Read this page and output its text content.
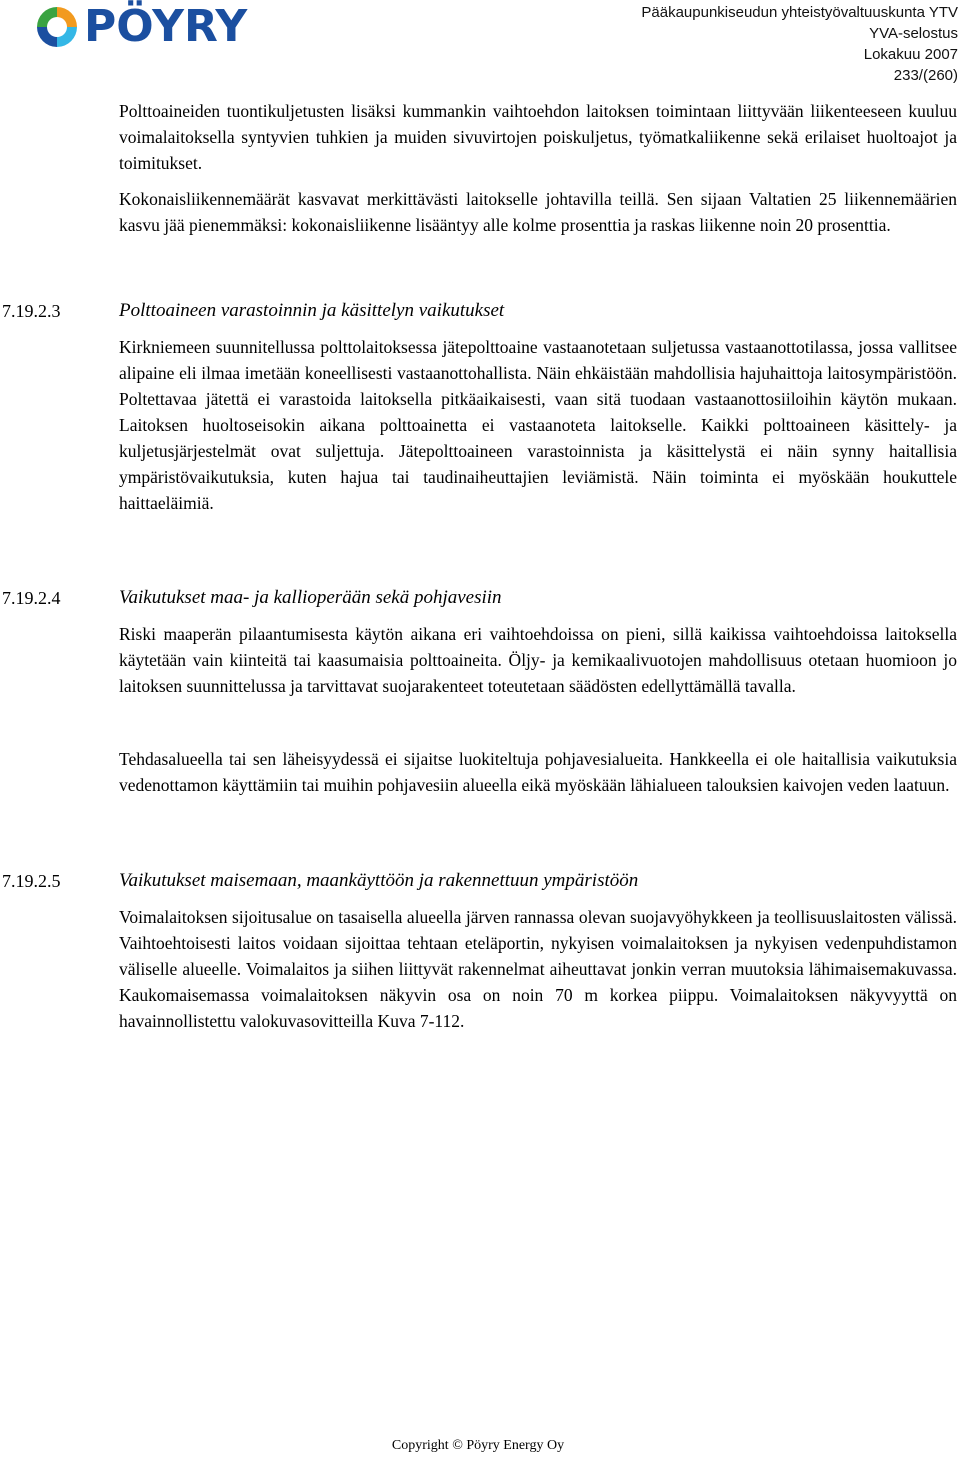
PÖYRY	Pääkaupunkiseudun yhteistyövaltuuskunta YTV
YVA-selostus
Lokakuu 2007
233/(260)

Polttoaineiden tuontikuljetusten lisäksi kummankin vaihtoehdon laitoksen toimintaan liittyvään liikenteeseen kuuluu voimalaitoksella syntyvien tuhkien ja muiden sivuvirtojen poiskuljetus, työmatkaliikenne sekä erilaiset huoltoajot ja toimitukset.

Kokonaisliikennemäärät kasvavat merkittävästi laitokselle johtavilla teillä. Sen sijaan Valtatien 25 liikennemäärien kasvu jää pienemmäksi: kokonaisliikenne lisääntyy alle kolme prosenttia ja raskas liikenne noin 20 prosenttia.

7.19.2.3	Polttoaineen varastoinnin ja käsittelyn vaikutukset

Kirkniemeen suunnitellussa polttolaitoksessa jätepolttoaine vastaanotetaan suljetussa vastaanottotilassa, jossa vallitsee alipaine eli ilmaa imetään koneellisesti vastaanottohallista. Näin ehkäistään mahdollisia hajuhaittoja laitosympäristöön. Poltettavaa jätettä ei varastoida laitoksella pitkäaikaisesti, vaan sitä tuodaan vastaanottosiiloihin käytön mukaan. Laitoksen huoltoseisokin aikana polttoainetta ei vastaanoteta laitokselle. Kaikki polttoaineen käsittely- ja kuljetusjärjestelmät ovat suljettuja. Jätepolttoaineen varastoinnista ja käsittelystä ei näin synny haitallisia ympäristövaikutuksia, kuten hajua tai taudinaiheuttajien leviämistä. Näin toiminta ei myöskään houkuttele haittaeläimiä.

7.19.2.4	Vaikutukset maa- ja kallioperään sekä pohjavesiin

Riski maaperän pilaantumisesta käytön aikana eri vaihtoehdoissa on pieni, sillä kaikissa vaihtoehdoissa laitoksella käytetään vain kiinteitä tai kaasumaisia polttoaineita. Öljy- ja kemikaalivuotojen mahdollisuus otetaan huomioon jo laitoksen suunnittelussa ja tarvittavat suojarakenteet toteutetaan säädösten edellyttämällä tavalla.

Tehdasalueella tai sen läheisyydessä ei sijaitse luokiteltuja pohjavesialueita. Hankkeella ei ole haitallisia vaikutuksia vedenottamon käyttämiin tai muihin pohjavesiin alueella eikä myöskään lähialueen talouksien kaivojen veden laatuun.

7.19.2.5	Vaikutukset maisemaan, maankäyttöön ja rakennettuun ympäristöön

Voimalaitoksen sijoitusalue on tasaisella alueella järven rannassa olevan suojavyöhykkeen ja teollisuuslaitosten välissä. Vaihtoehtoisesti laitos voidaan sijoittaa tehtaan eteläportin, nykyisen voimalaitoksen ja nykyisen vedenpuhdistamon väliselle alueelle. Voimalaitos ja siihen liittyvät rakennelmat aiheuttavat jonkin verran muutoksia lähimaisemakuvassa. Kaukomaisemassa voimalaitoksen näkyvin osa on noin 70 m korkea piippu. Voimalaitoksen näkyvyyttä on havainnollistettu valokuvasovitteilla Kuva 7-112.

Copyright © Pöyry Energy Oy
